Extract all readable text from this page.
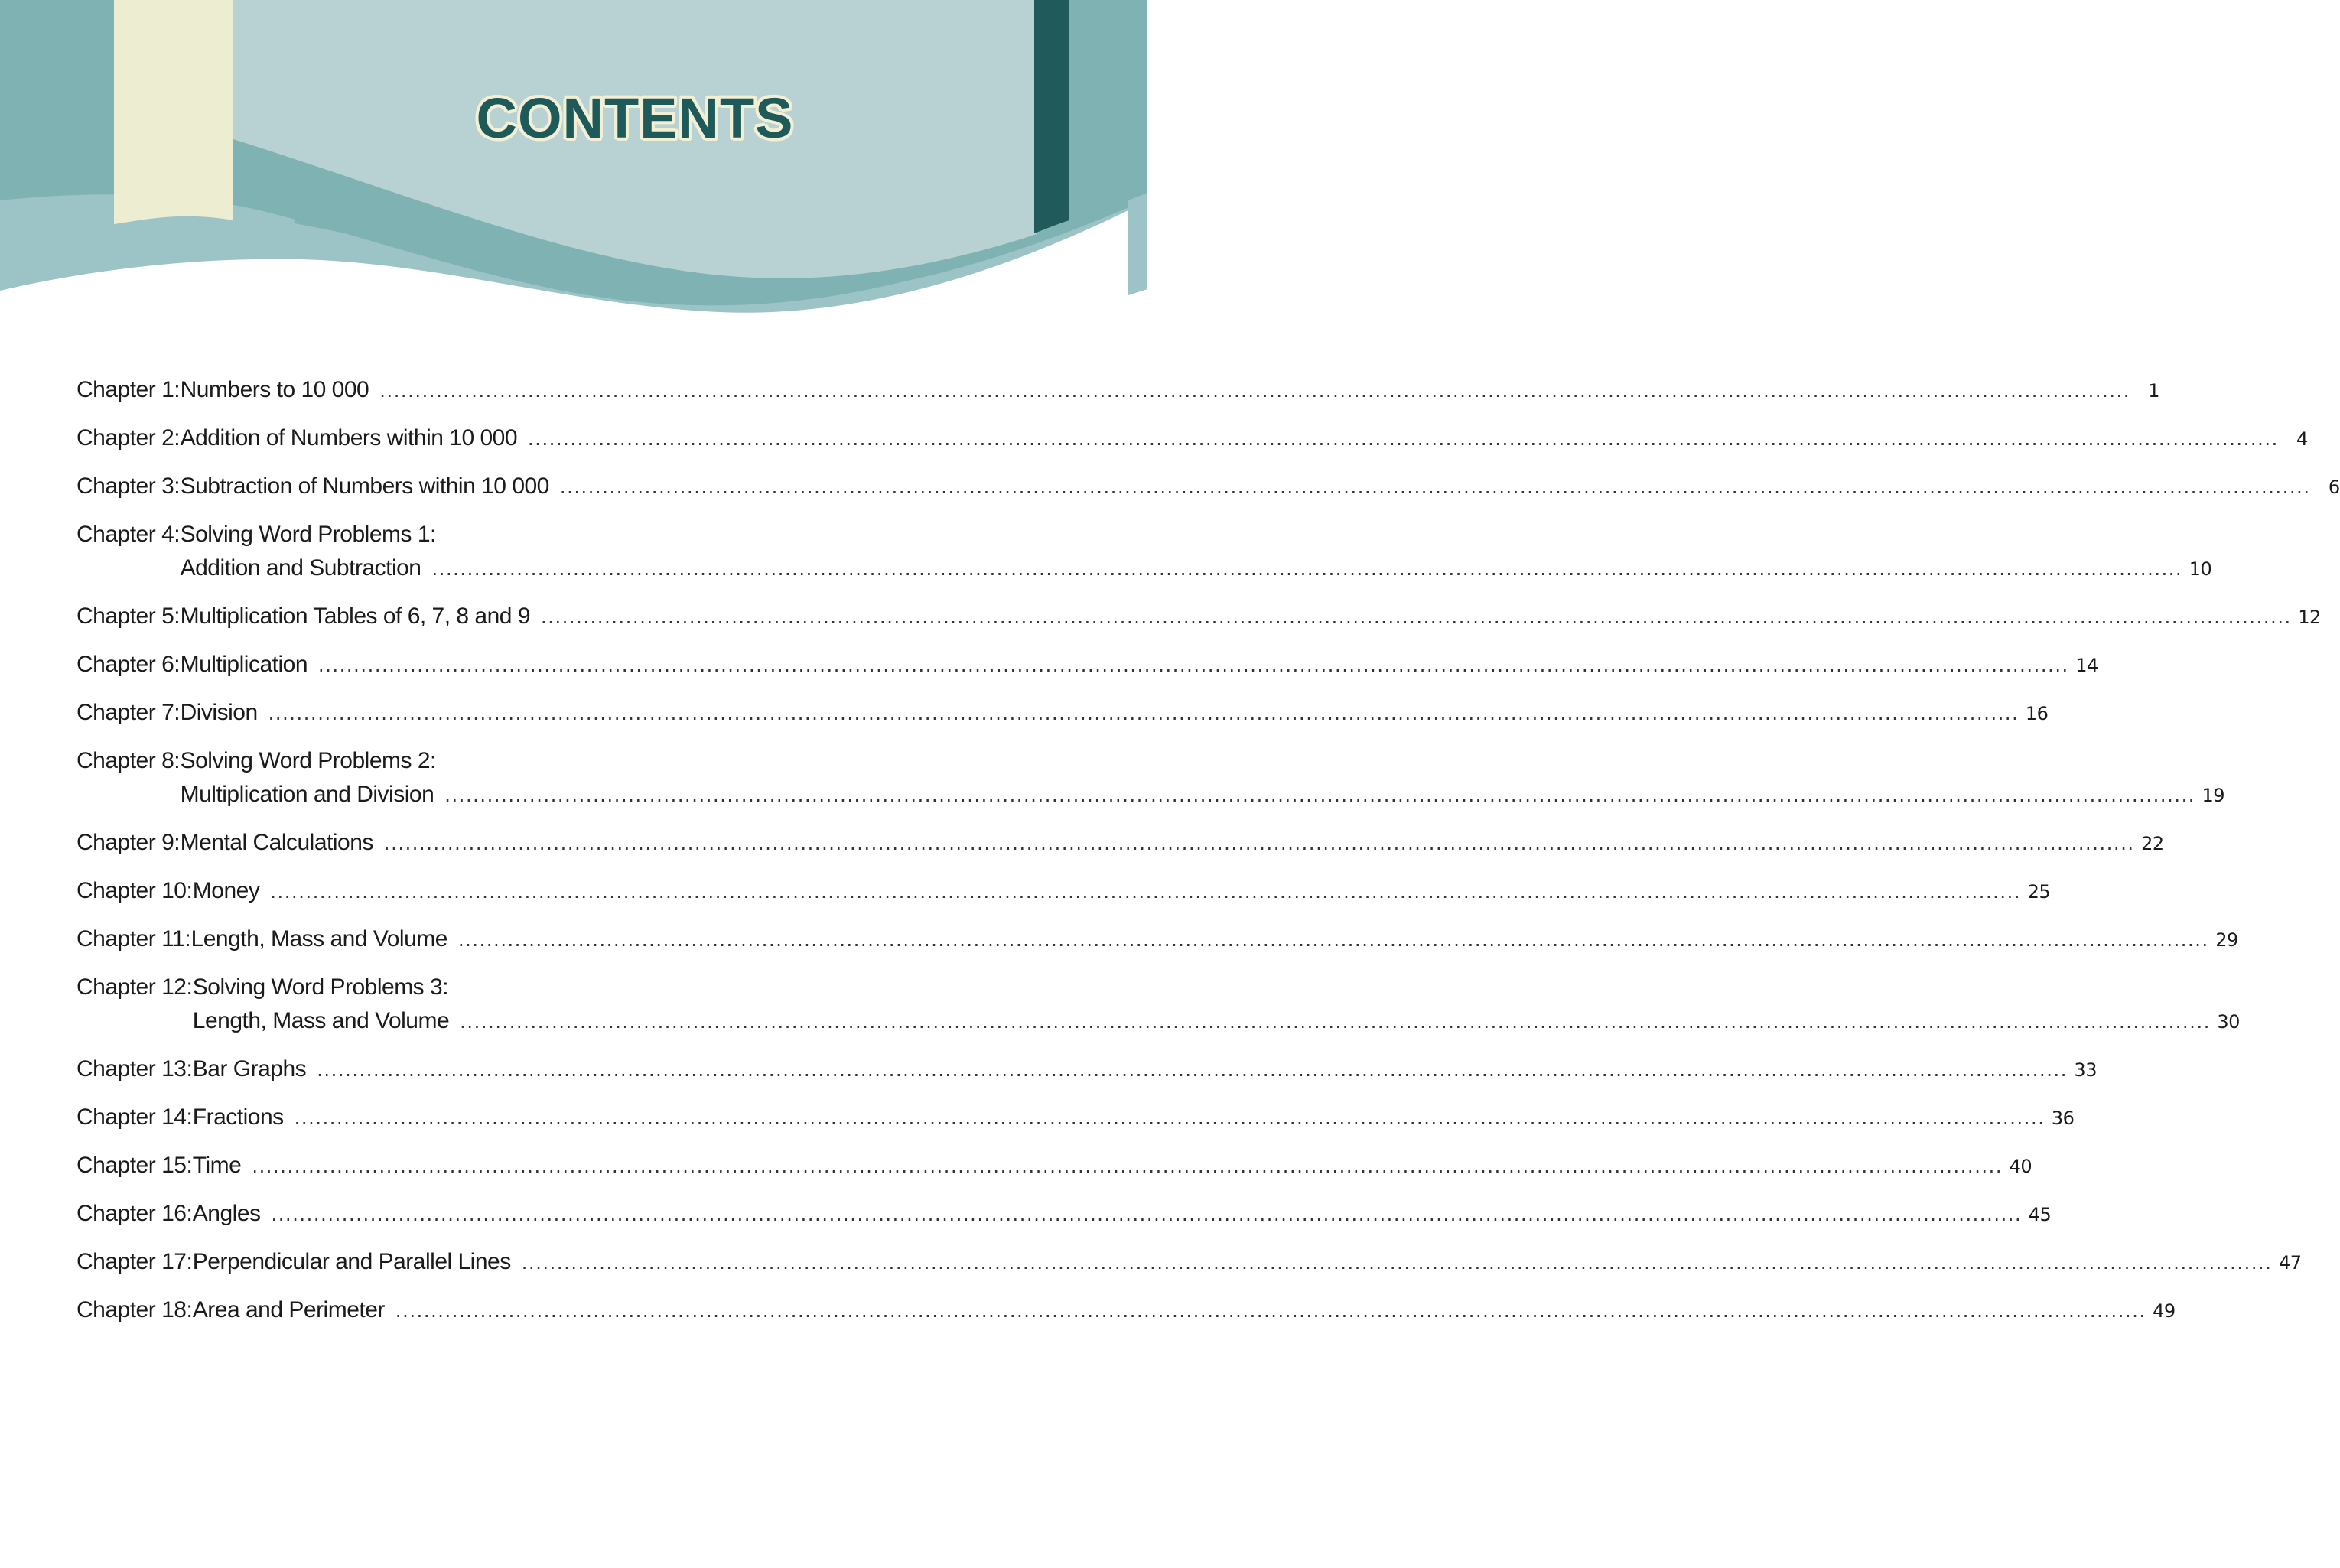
CONTENTS
Chapter 1 : Numbers to 10 000 .....	1
Chapter 2 : Addition of Numbers within 10 000 .....	4
Chapter 3 : Subtraction of Numbers within 10 000 .....	6
Chapter 4 : Solving Word Problems 1:
Addition and Subtraction .....	10
Chapter 5 : Multiplication Tables of 6, 7, 8 and 9 .....	12
Chapter 6 : Multiplication .....	14
Chapter 7 : Division .....	16
Chapter 8 : Solving Word Problems 2:
Multiplication and Division .....	19
Chapter 9 : Mental Calculations .....	22
Chapter 10 : Money .....	25
Chapter 11 : Length, Mass and Volume .....	29
Chapter 12 : Solving Word Problems 3:
Length, Mass and Volume .....	30
Chapter 13 : Bar Graphs .....	33
Chapter 14 : Fractions .....	36
Chapter 15 : Time .....	40
Chapter 16 : Angles .....	45
Chapter 17 : Perpendicular and Parallel Lines .....	47
Chapter 18 : Area and Perimeter .....	49
